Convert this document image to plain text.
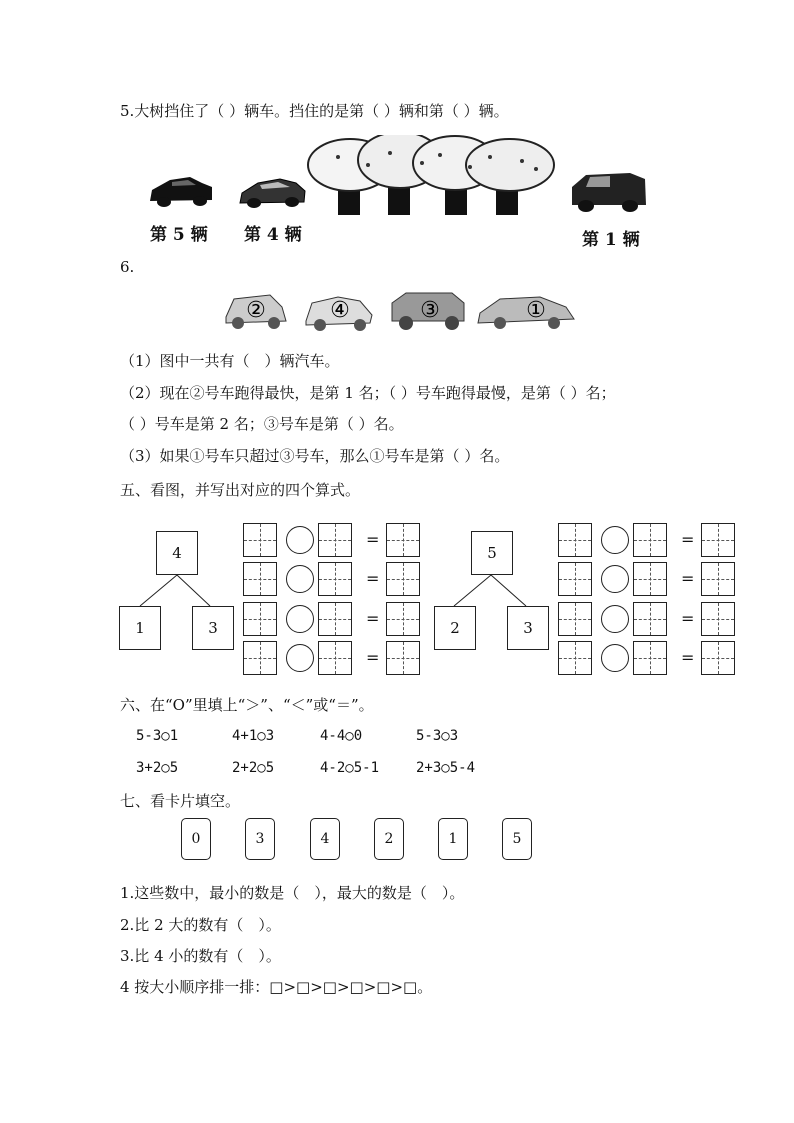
5.大树挡住了（ ）辆车。挡住的是第（ ）辆和第（ ）辆。
第 5 辆 第 4 辆	第 1 辆
6.
②	④	③	①
（1）图中一共有（　）辆汽车。
（2）现在②号车跑得最快，是第 1 名；（ ）号车跑得最慢，是第（ ）名；
（ ）号车是第 2 名；③号车是第（ ）名。
（3）如果①号车只超过③号车，那么①号车是第（ ）名。
五、看图，并写出对应的四个算式。
4
1	3
5
2	3
=
=
=
=
=
=
=
=
六、在“O”里填上“＞”、“＜”或“＝”。
5-3○1	4+1○3	4-4○0	5-3○3
3+2○5	2+2○5	4-2○5-1	2+3○5-4
七、看卡片填空。
0	3	4	2	1	5
1.这些数中，最小的数是（　），最大的数是（　）。
2.比 2 大的数有（　）。
3.比 4 小的数有（　）。
4 按大小顺序排一排：□>□>□>□>□>□。
